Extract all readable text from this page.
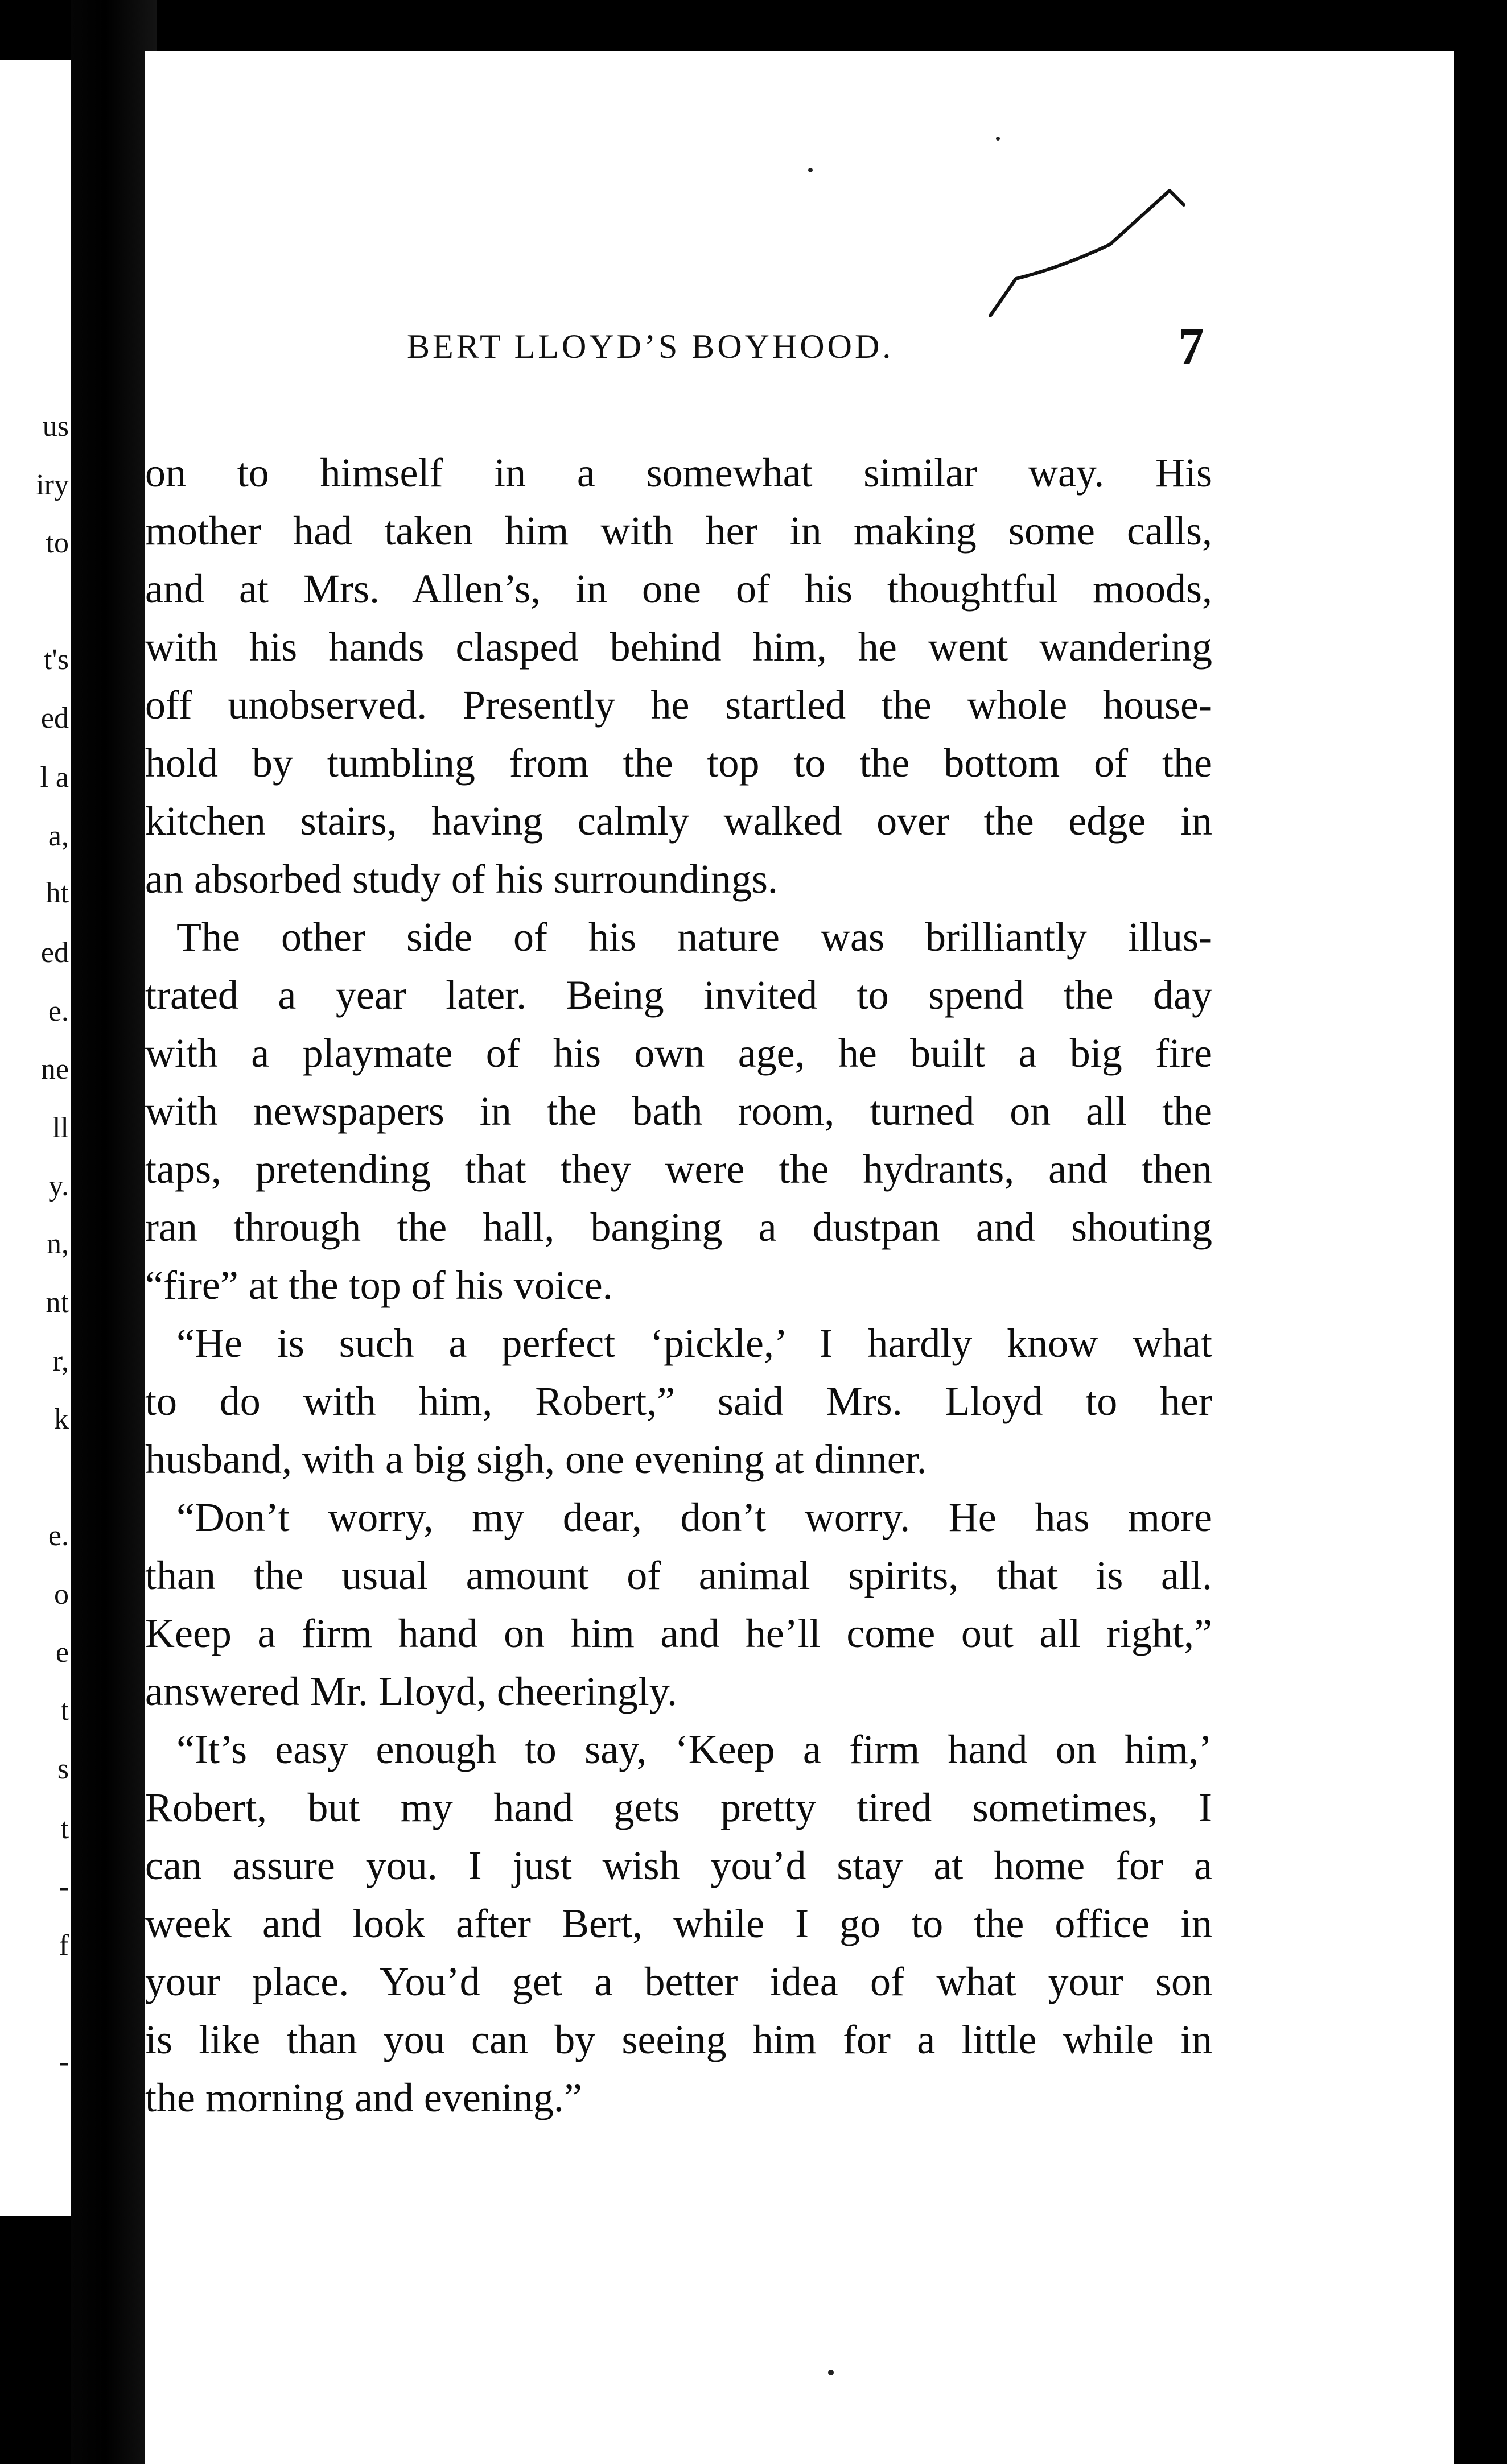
us
iry
to
t's
ed
l a
a,
ht
ed
e.
ne
ll
y.
n,
nt
r,
k
e.
o
e
t
s
t
-
f
-
BERT LLOYD’S BOYHOOD.	7
on to himself in a somewhat similar way. His
mother had taken him with her in making some calls,
and at Mrs. Allen’s, in one of his thoughtful moods,
with his hands clasped behind him, he went wandering
off unobserved. Presently he startled the whole house-
hold by tumbling from the top to the bottom of the
kitchen stairs, having calmly walked over the edge in
an absorbed study of his surroundings.
The other side of his nature was brilliantly illus-
trated a year later. Being invited to spend the day
with a playmate of his own age, he built a big fire
with newspapers in the bath room, turned on all the
taps, pretending that they were the hydrants, and then
ran through the hall, banging a dustpan and shouting
“fire” at the top of his voice.
“He is such a perfect ‘pickle,’ I hardly know what
to do with him, Robert,” said Mrs. Lloyd to her
husband, with a big sigh, one evening at dinner.
“Don’t worry, my dear, don’t worry. He has more
than the usual amount of animal spirits, that is all.
Keep a firm hand on him and he’ll come out all right,”
answered Mr. Lloyd, cheeringly.
“It’s easy enough to say, ‘Keep a firm hand on him,’
Robert, but my hand gets pretty tired sometimes, I
can assure you. I just wish you’d stay at home for a
week and look after Bert, while I go to the office in
your place. You’d get a better idea of what your son
is like than you can by seeing him for a little while in
the morning and evening.”
